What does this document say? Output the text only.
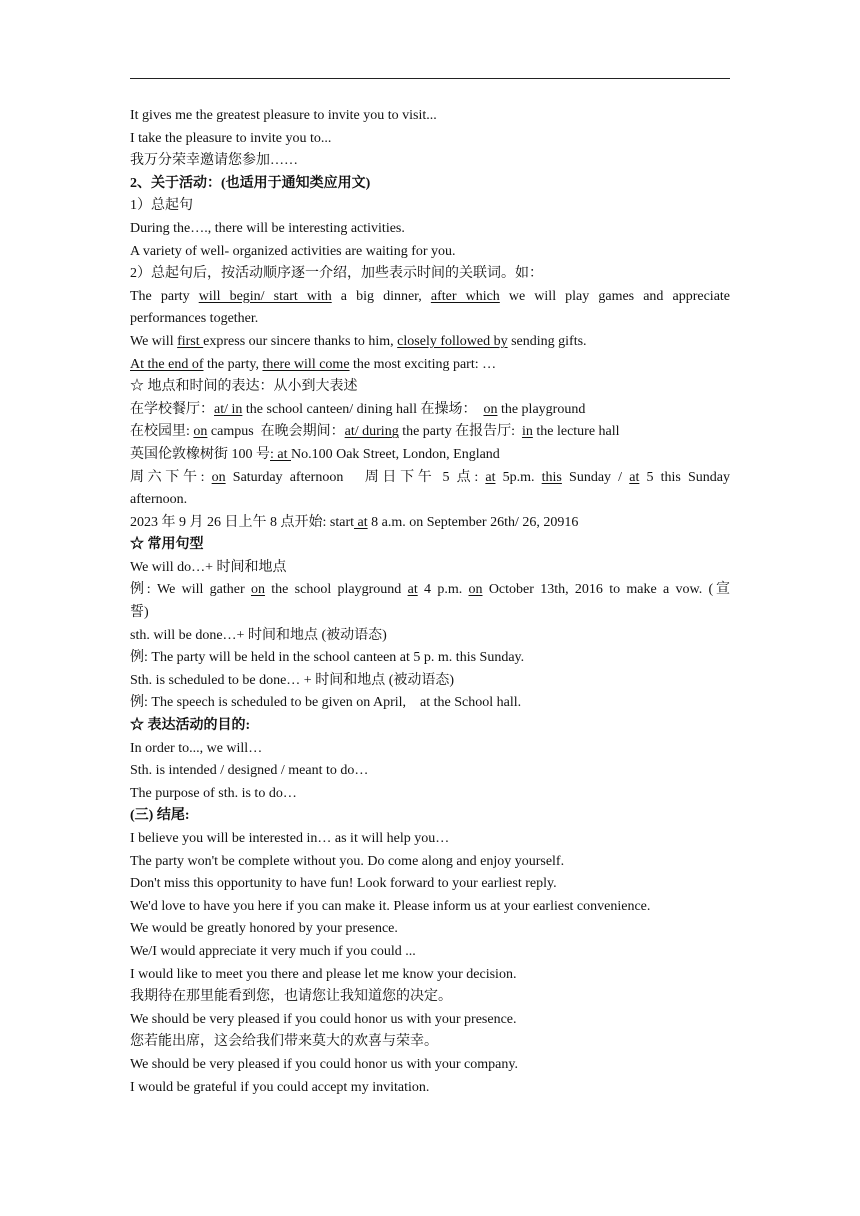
It gives me the greatest pleasure to invite you to visit...
I take the pleasure to invite you to...
我万分荣幸邀请您参加……
2、关于活动：(也适用于通知类应用文)
1）总起句
During the…., there will be interesting activities.
A variety of well- organized activities are waiting for you.
2）总起句后，按活动顺序逐一介绍，加些表示时间的关联词。如：
The party will begin/ start with a big dinner, after which we will play games and appreciate
performances together.
We will first express our sincere thanks to him, closely followed by sending gifts.
At the end of the party, there will come the most exciting part: …
☆ 地点和时间的表达：从小到大表述
在学校餐厅：at/ in the school canteen/ dining hall 在操场：  on the playground
在校园里: on campus  在晚会期间：at/ during the party 在报告厅:  in the lecture hall
英国伦敦橡树街 100 号: at No.100 Oak Street, London, England
周六下午: on Saturday afternoon   周日下午 5 点: at 5p.m. this Sunday / at 5 this Sunday
afternoon.
2023 年 9 月 26 日上午 8 点开始: start at 8 a.m. on September 26th/ 26, 20916
☆ 常用句型
We will do…+ 时间和地点
例: We will gather on the school playground at 4 p.m. on October 13th, 2016 to make a vow. (宣
誓)
sth. will be done…+ 时间和地点 (被动语态)
例: The party will be held in the school canteen at 5 p. m. this Sunday.
Sth. is scheduled to be done… + 时间和地点 (被动语态)
例: The speech is scheduled to be given on April,    at the School hall.
☆ 表达活动的目的:
In order to..., we will…
Sth. is intended / designed / meant to do…
The purpose of sth. is to do…
(三) 结尾:
I believe you will be interested in… as it will help you…
The party won't be complete without you. Do come along and enjoy yourself.
Don't miss this opportunity to have fun! Look forward to your earliest reply.
We'd love to have you here if you can make it. Please inform us at your earliest convenience.
We would be greatly honored by your presence.
We/I would appreciate it very much if you could ...
I would like to meet you there and please let me know your decision.
我期待在那里能看到您，也请您让我知道您的决定。
We should be very pleased if you could honor us with your presence.
您若能出席，这会给我们带来莫大的欢喜与荣幸。
We should be very pleased if you could honor us with your company.
I would be grateful if you could accept my invitation.
